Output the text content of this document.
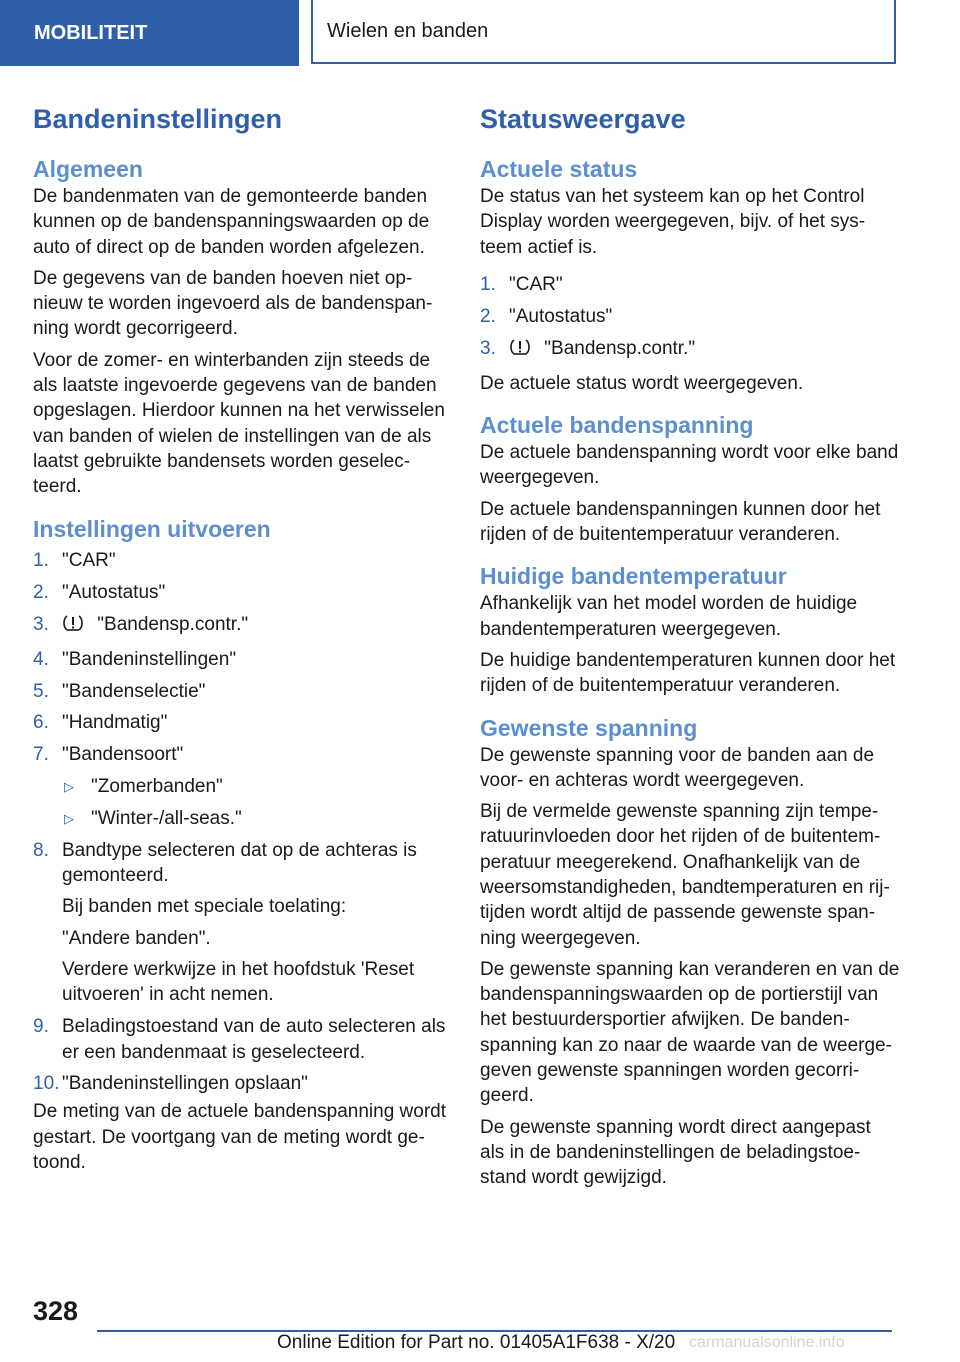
MOBILITEIT	Wielen en banden
Bandeninstellingen
Algemeen

De bandenmaten van de gemonteerde banden kunnen op de bandenspanningswaarden op de auto of direct op de banden worden afgelezen.

De gegevens van de banden hoeven niet opnieuw te worden ingevoerd als de bandenspanning wordt gecorrigeerd.

Voor de zomer- en winterbanden zijn steeds de als laatste ingevoerde gegevens van de banden opgeslagen. Hierdoor kunnen na het verwisselen van banden of wielen de instellingen van de als laatst gebruikte bandensets worden geselecteerd.

Instellingen uitvoeren
1. "CAR"
2. "Autostatus"
3.	"Bandensp.contr."
4. "Bandeninstellingen"
5. "Bandenselectie"
6. "Handmatig"
7. "Bandensoort"
▷ "Zomerbanden"
▷ "Winter-/all-seas."
8. Bandtype selecteren dat op de achteras is gemonteerd.

Bij banden met speciale toelating:

"Andere banden".

Verdere werkwijze in het hoofdstuk 'Reset uitvoeren' in acht nemen.

9. Beladingstoestand van de auto selecteren als er een bandenmaat is geselecteerd.
10. "Bandeninstellingen opslaan"

De meting van de actuele bandenspanning wordt gestart. De voortgang van de meting wordt getoond.

Statusweergave
Actuele status

De status van het systeem kan op het Control Display worden weergegeven, bijv. of het systeem actief is.

1. "CAR"
2. "Autostatus"
3.	"Bandensp.contr."

De actuele status wordt weergegeven.

Actuele bandenspanning

De actuele bandenspanning wordt voor elke band weergegeven.

De actuele bandenspanningen kunnen door het rijden of de buitentemperatuur veranderen.

Huidige bandentemperatuur

Afhankelijk van het model worden de huidige bandentemperaturen weergegeven.

De huidige bandentemperaturen kunnen door het rijden of de buitentemperatuur veranderen.

Gewenste spanning

De gewenste spanning voor de banden aan de voor- en achteras wordt weergegeven.

Bij de vermelde gewenste spanning zijn temperatuurinvloeden door het rijden of de buitentemperatuur meegerekend. Onafhankelijk van de weersomstandigheden, bandtemperaturen en rijtijden wordt altijd de passende gewenste spanning weergegeven.

De gewenste spanning kan veranderen en van de bandenspanningswaarden op de portierstijl van het bestuurdersportier afwijken. De bandenspanning kan zo naar de waarde van de weergegeven gewenste spanningen worden gecorrigeerd.

De gewenste spanning wordt direct aangepast als in de bandeninstellingen de beladingstoestand wordt gewijzigd.

328
Online Edition for Part no. 01405A1F638 - X/20 carmanualsonline.info
